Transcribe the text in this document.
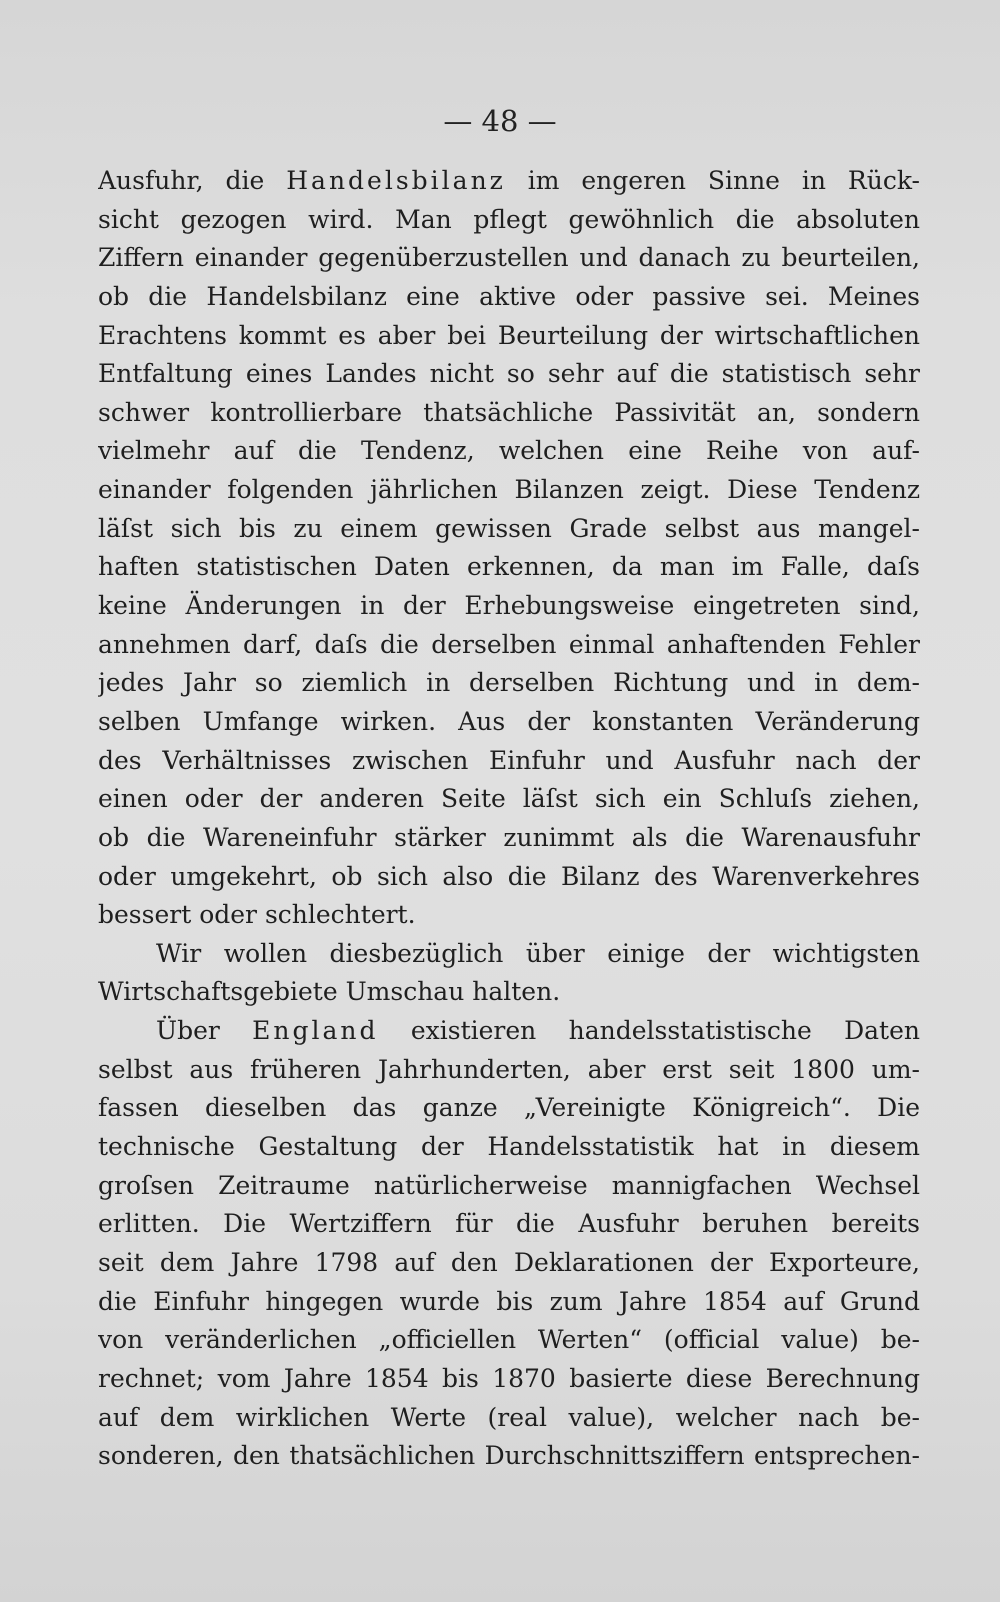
— 48 —
Ausfuhr, die Handelsbilanz im engeren Sinne in Rück-
sicht gezogen wird. Man pflegt gewöhnlich die absoluten
Ziffern einander gegenüberzustellen und danach zu beurteilen,
ob die Handelsbilanz eine aktive oder passive sei. Meines
Erachtens kommt es aber bei Beurteilung der wirtschaftlichen
Entfaltung eines Landes nicht so sehr auf die statistisch sehr
schwer kontrollierbare thatsächliche Passivität an, sondern
vielmehr auf die Tendenz, welchen eine Reihe von auf-
einander folgenden jährlichen Bilanzen zeigt. Diese Tendenz
läſst sich bis zu einem gewissen Grade selbst aus mangel-
haften statistischen Daten erkennen, da man im Falle, daſs
keine Änderungen in der Erhebungsweise eingetreten sind,
annehmen darf, daſs die derselben einmal anhaftenden Fehler
jedes Jahr so ziemlich in derselben Richtung und in dem-
selben Umfange wirken. Aus der konstanten Veränderung
des Verhältnisses zwischen Einfuhr und Ausfuhr nach der
einen oder der anderen Seite läſst sich ein Schluſs ziehen,
ob die Wareneinfuhr stärker zunimmt als die Warenausfuhr
oder umgekehrt, ob sich also die Bilanz des Warenverkehres
bessert oder schlechtert.
Wir wollen diesbezüglich über einige der wichtigsten
Wirtschaftsgebiete Umschau halten.
Über England existieren handelsstatistische Daten
selbst aus früheren Jahrhunderten, aber erst seit 1800 um-
fassen dieselben das ganze „Vereinigte Königreich“. Die
technische Gestaltung der Handelsstatistik hat in diesem
groſsen Zeitraume natürlicherweise mannigfachen Wechsel
erlitten. Die Wertziffern für die Ausfuhr beruhen bereits
seit dem Jahre 1798 auf den Deklarationen der Exporteure,
die Einfuhr hingegen wurde bis zum Jahre 1854 auf Grund
von veränderlichen „officiellen Werten“ (official value) be-
rechnet; vom Jahre 1854 bis 1870 basierte diese Berechnung
auf dem wirklichen Werte (real value), welcher nach be-
sonderen, den thatsächlichen Durchschnittsziffern entsprechen-
